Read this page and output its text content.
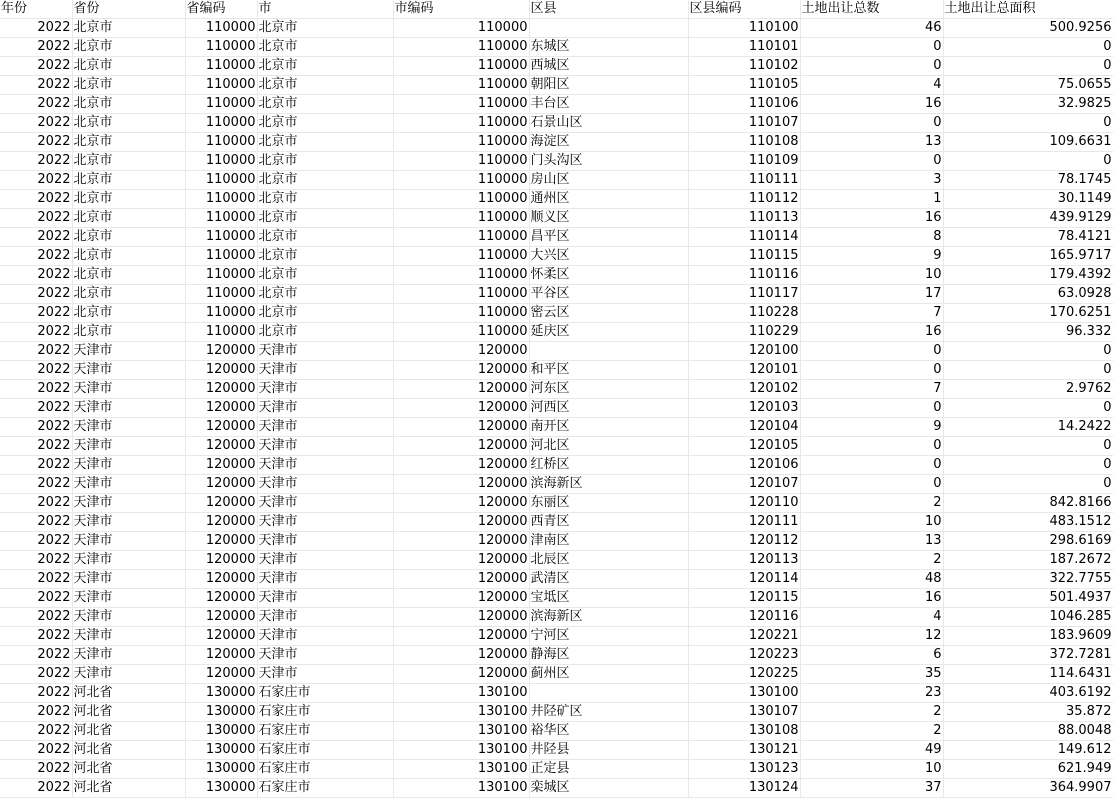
年份	省份	省编码	市	市编码	区县	区县编码	土地出让总数	土地出让总面积
2022	北京市	110000	北京市	110000		110100	46	500.9256
2022	北京市	110000	北京市	110000	东城区	110101	0	0
2022	北京市	110000	北京市	110000	西城区	110102	0	0
2022	北京市	110000	北京市	110000	朝阳区	110105	4	75.0655
2022	北京市	110000	北京市	110000	丰台区	110106	16	32.9825
2022	北京市	110000	北京市	110000	石景山区	110107	0	0
2022	北京市	110000	北京市	110000	海淀区	110108	13	109.6631
2022	北京市	110000	北京市	110000	门头沟区	110109	0	0
2022	北京市	110000	北京市	110000	房山区	110111	3	78.1745
2022	北京市	110000	北京市	110000	通州区	110112	1	30.1149
2022	北京市	110000	北京市	110000	顺义区	110113	16	439.9129
2022	北京市	110000	北京市	110000	昌平区	110114	8	78.4121
2022	北京市	110000	北京市	110000	大兴区	110115	9	165.9717
2022	北京市	110000	北京市	110000	怀柔区	110116	10	179.4392
2022	北京市	110000	北京市	110000	平谷区	110117	17	63.0928
2022	北京市	110000	北京市	110000	密云区	110228	7	170.6251
2022	北京市	110000	北京市	110000	延庆区	110229	16	96.332
2022	天津市	120000	天津市	120000		120100	0	0
2022	天津市	120000	天津市	120000	和平区	120101	0	0
2022	天津市	120000	天津市	120000	河东区	120102	7	2.9762
2022	天津市	120000	天津市	120000	河西区	120103	0	0
2022	天津市	120000	天津市	120000	南开区	120104	9	14.2422
2022	天津市	120000	天津市	120000	河北区	120105	0	0
2022	天津市	120000	天津市	120000	红桥区	120106	0	0
2022	天津市	120000	天津市	120000	滨海新区	120107	0	0
2022	天津市	120000	天津市	120000	东丽区	120110	2	842.8166
2022	天津市	120000	天津市	120000	西青区	120111	10	483.1512
2022	天津市	120000	天津市	120000	津南区	120112	13	298.6169
2022	天津市	120000	天津市	120000	北辰区	120113	2	187.2672
2022	天津市	120000	天津市	120000	武清区	120114	48	322.7755
2022	天津市	120000	天津市	120000	宝坻区	120115	16	501.4937
2022	天津市	120000	天津市	120000	滨海新区	120116	4	1046.285
2022	天津市	120000	天津市	120000	宁河区	120221	12	183.9609
2022	天津市	120000	天津市	120000	静海区	120223	6	372.7281
2022	天津市	120000	天津市	120000	蓟州区	120225	35	114.6431
2022	河北省	130000	石家庄市	130100		130100	23	403.6192
2022	河北省	130000	石家庄市	130100	井陉矿区	130107	2	35.872
2022	河北省	130000	石家庄市	130100	裕华区	130108	2	88.0048
2022	河北省	130000	石家庄市	130100	井陉县	130121	49	149.612
2022	河北省	130000	石家庄市	130100	正定县	130123	10	621.949
2022	河北省	130000	石家庄市	130100	栾城区	130124	37	364.9907
